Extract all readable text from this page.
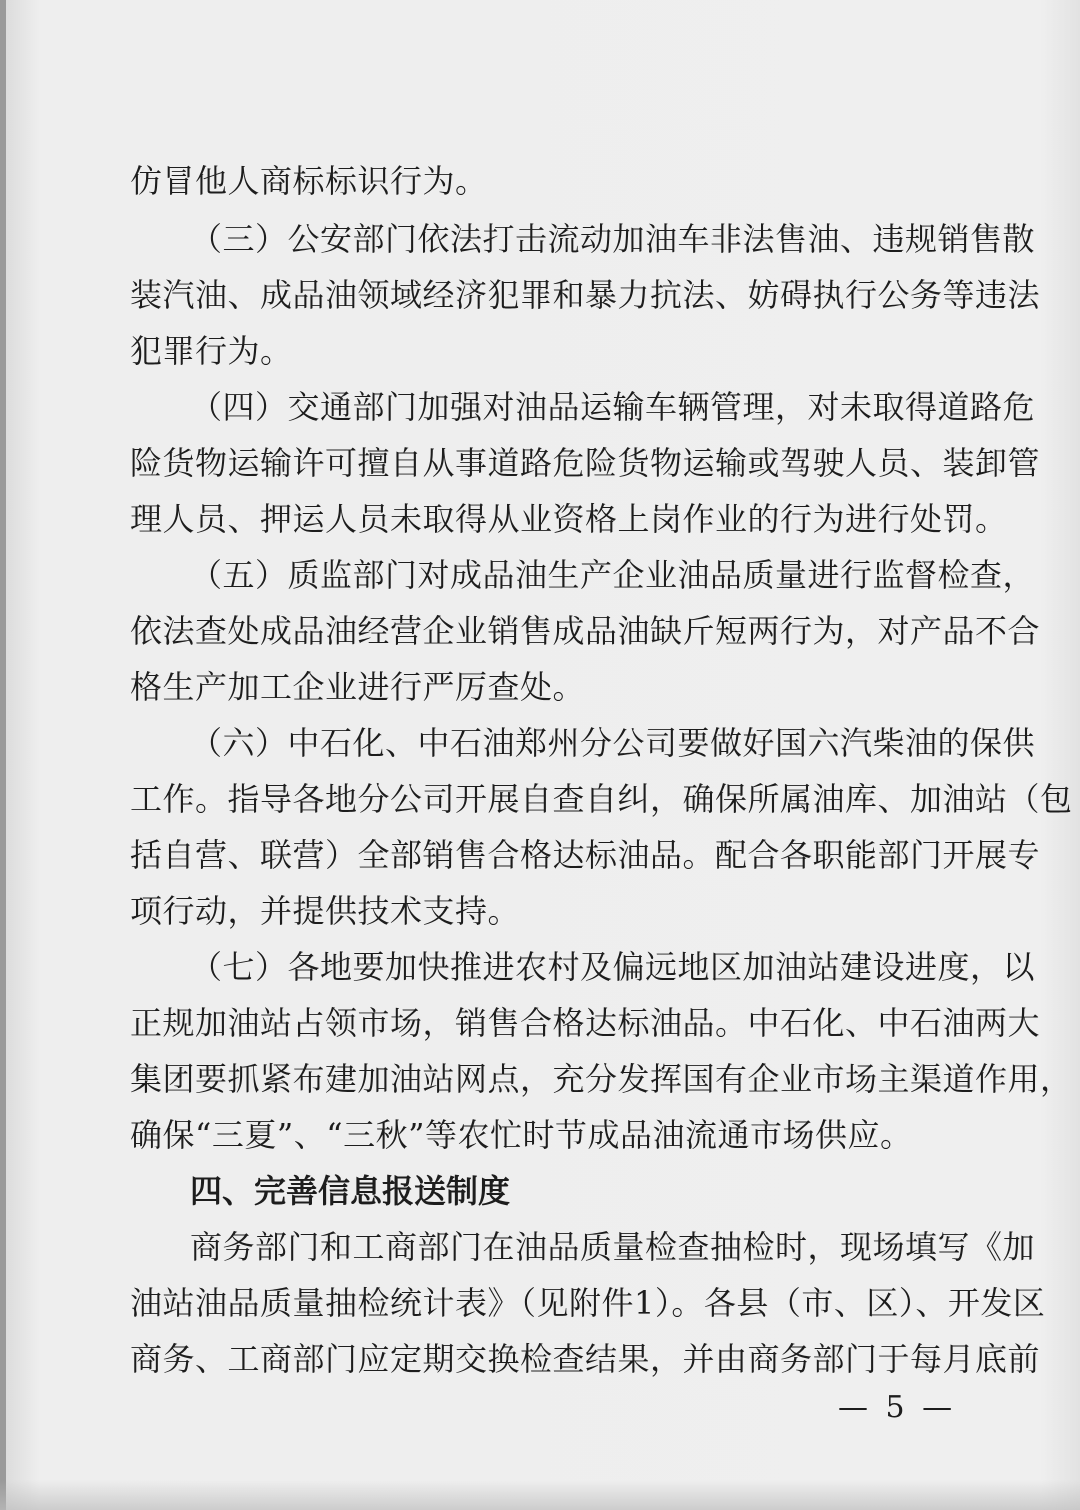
仿冒他人商标标识行为。
（三）公安部门依法打击流动加油车非法售油、违规销售散
装汽油、成品油领域经济犯罪和暴力抗法、妨碍执行公务等违法
犯罪行为。
（四）交通部门加强对油品运输车辆管理，对未取得道路危
险货物运输许可擅自从事道路危险货物运输或驾驶人员、装卸管
理人员、押运人员未取得从业资格上岗作业的行为进行处罚。
（五）质监部门对成品油生产企业油品质量进行监督检查，
依法查处成品油经营企业销售成品油缺斤短两行为，对产品不合
格生产加工企业进行严厉查处。
（六）中石化、中石油郑州分公司要做好国六汽柴油的保供
工作。指导各地分公司开展自查自纠，确保所属油库、加油站（包
括自营、联营）全部销售合格达标油品。配合各职能部门开展专
项行动，并提供技术支持。
（七）各地要加快推进农村及偏远地区加油站建设进度，以
正规加油站占领市场，销售合格达标油品。中石化、中石油两大
集团要抓紧布建加油站网点，充分发挥国有企业市场主渠道作用，
确保“三夏”、“三秋”等农忙时节成品油流通市场供应。
四、完善信息报送制度
商务部门和工商部门在油品质量检查抽检时，现场填写《加
油站油品质量抽检统计表》（见附件1）。各县（市、区）、开发区
商务、工商部门应定期交换检查结果，并由商务部门于每月底前
— 5 —
